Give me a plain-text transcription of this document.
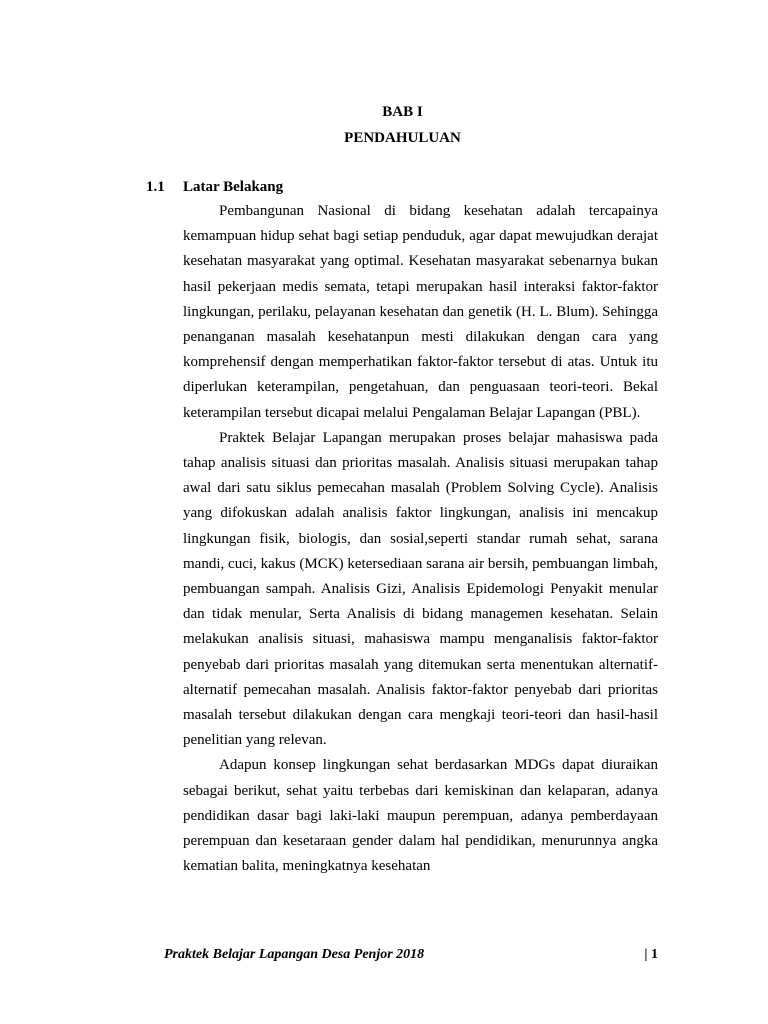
BAB I
PENDAHULUAN
1.1 Latar Belakang

Pembangunan Nasional di bidang kesehatan adalah tercapainya kemampuan hidup sehat bagi setiap penduduk, agar dapat mewujudkan derajat kesehatan masyarakat yang optimal. Kesehatan masyarakat sebenarnya bukan hasil pekerjaan medis semata, tetapi merupakan hasil interaksi faktor-faktor lingkungan, perilaku, pelayanan kesehatan dan genetik (H. L. Blum). Sehingga penanganan masalah kesehatanpun mesti dilakukan dengan cara yang komprehensif dengan memperhatikan faktor-faktor tersebut di atas. Untuk itu diperlukan keterampilan, pengetahuan, dan penguasaan teori-teori. Bekal keterampilan tersebut dicapai melalui Pengalaman Belajar Lapangan (PBL).

Praktek Belajar Lapangan merupakan proses belajar mahasiswa pada tahap analisis situasi dan prioritas masalah. Analisis situasi merupakan tahap awal dari satu siklus pemecahan masalah (Problem Solving Cycle). Analisis yang difokuskan adalah analisis faktor lingkungan, analisis ini mencakup lingkungan fisik, biologis, dan sosial,seperti standar rumah sehat, sarana mandi, cuci, kakus (MCK) ketersediaan sarana air bersih, pembuangan limbah, pembuangan sampah. Analisis Gizi, Analisis Epidemologi Penyakit menular dan tidak menular, Serta Analisis di bidang managemen kesehatan. Selain melakukan analisis situasi, mahasiswa mampu menganalisis faktor-faktor penyebab dari prioritas masalah yang ditemukan serta menentukan alternatif-alternatif pemecahan masalah. Analisis faktor-faktor penyebab dari prioritas masalah tersebut dilakukan dengan cara mengkaji teori-teori dan hasil-hasil penelitian yang relevan.

Adapun konsep lingkungan sehat berdasarkan MDGs dapat diuraikan sebagai berikut, sehat yaitu terbebas dari kemiskinan dan kelaparan, adanya pendidikan dasar bagi laki-laki maupun perempuan, adanya pemberdayaan perempuan dan kesetaraan gender dalam hal pendidikan, menurunnya angka kematian balita, meningkatnya kesehatan

Praktek Belajar Lapangan Desa Penjor 2018	| 1
